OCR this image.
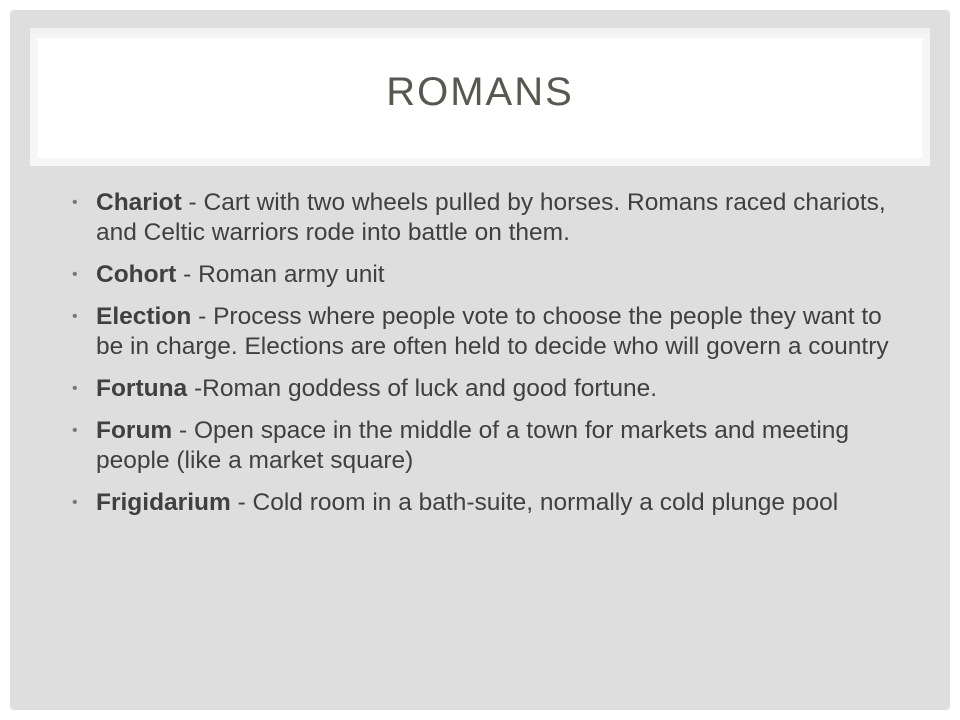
ROMANS
• Chariot - Cart with two wheels pulled by horses. Romans raced chariots, and Celtic warriors rode into battle on them.
• Cohort - Roman army unit
• Election - Process where people vote to choose the people they want to be in charge. Elections are often held to decide who will govern a country
• Fortuna -Roman goddess of luck and good fortune.
• Forum - Open space in the middle of a town for markets and meeting people (like a market square)
• Frigidarium - Cold room in a bath-suite, normally a cold plunge pool
